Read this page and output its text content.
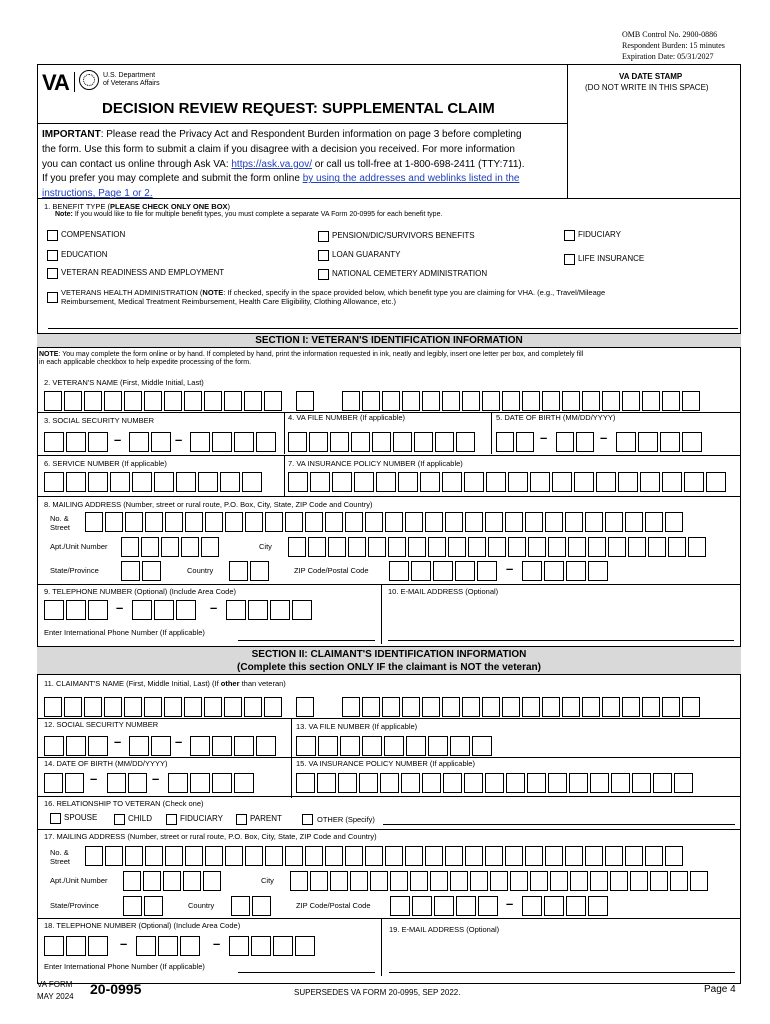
OMB Control No. 2900-0886
Respondent Burden: 15 minutes
Expiration Date: 05/31/2027
VA	U.S. Department
of Veterans Affairs
DECISION REVIEW REQUEST: SUPPLEMENTAL CLAIM
VA DATE STAMP
(DO NOT WRITE IN THIS SPACE)
IMPORTANT: Please read the Privacy Act and Respondent Burden information on page 3 before completing
the form. Use this form to submit a claim if you disagree with a decision you received. For more information
you can contact us online through Ask VA: https://ask.va.gov/ or call us toll-free at 1-800-698-2411 (TTY:711).
If you prefer you may complete and submit the form online by using the addresses and weblinks listed in the
instructions, Page 1 or 2.
1. BENEFIT TYPE (PLEASE CHECK ONLY ONE BOX)
Note: If you would like to file for multiple benefit types, you must complete a separate VA Form 20-0995 for each benefit type.
COMPENSATION	PENSION/DIC/SURVIVORS BENEFITS	FIDUCIARY
EDUCATION	LOAN GUARANTY	LIFE INSURANCE
VETERAN READINESS AND EMPLOYMENT	NATIONAL CEMETERY ADMINISTRATION
VETERANS HEALTH ADMINISTRATION (NOTE: If checked, specify in the space provided below, which benefit type you are claiming for VHA. (e.g., Travel/Mileage
Reimbursement, Medical Treatment Reimbursement, Health Care Eligibility, Clothing Allowance, etc.)
SECTION I: VETERAN'S IDENTIFICATION INFORMATION
NOTE: You may complete the form online or by hand. If completed by hand, print the information requested in ink, neatly and legibly, insert one letter per box, and completely fill
in each applicable checkbox to help expedite processing of the form.
2. VETERAN'S NAME (First, Middle Initial, Last)
3. SOCIAL SECURITY NUMBER	4. VA FILE NUMBER (If applicable)	5. DATE OF BIRTH (MM/DD/YYYY)
–	–	–	–
6. SERVICE NUMBER (If applicable)	7. VA INSURANCE POLICY NUMBER (If applicable)
8. MAILING ADDRESS (Number, street or rural route, P.O. Box, City, State, ZIP Code and Country)
No. &
Street
Apt./Unit Number	City
State/Province	Country	ZIP Code/Postal Code	–
9. TELEPHONE NUMBER (Optional) (Include Area Code)	10. E-MAIL ADDRESS (Optional)
–	–
Enter International Phone Number (If applicable)
SECTION II: CLAIMANT'S IDENTIFICATION INFORMATION
(Complete this section ONLY IF the claimant is NOT the veteran)
11. CLAIMANT'S NAME (First, Middle Initial, Last) (If other than veteran)
12. SOCIAL SECURITY NUMBER	13. VA FILE NUMBER (If applicable)
–	–
14. DATE OF BIRTH (MM/DD/YYYY)	15. VA INSURANCE POLICY NUMBER (If applicable)
–	–
16. RELATIONSHIP TO VETERAN (Check one)
SPOUSE	CHILD	FIDUCIARY	PARENT	OTHER (Specify)
17. MAILING ADDRESS (Number, street or rural route, P.O. Box, City, State, ZIP Code and Country)
No. &
Street
Apt./Unit Number	City
State/Province	Country	ZIP Code/Postal Code	–
18. TELEPHONE NUMBER (Optional) (Include Area Code)	19. E-MAIL ADDRESS (Optional)
–	–
Enter International Phone Number (If applicable)
VA FORM
MAY 2024 20-0995	SUPERSEDES VA FORM 20-0995, SEP 2022.	Page 4
